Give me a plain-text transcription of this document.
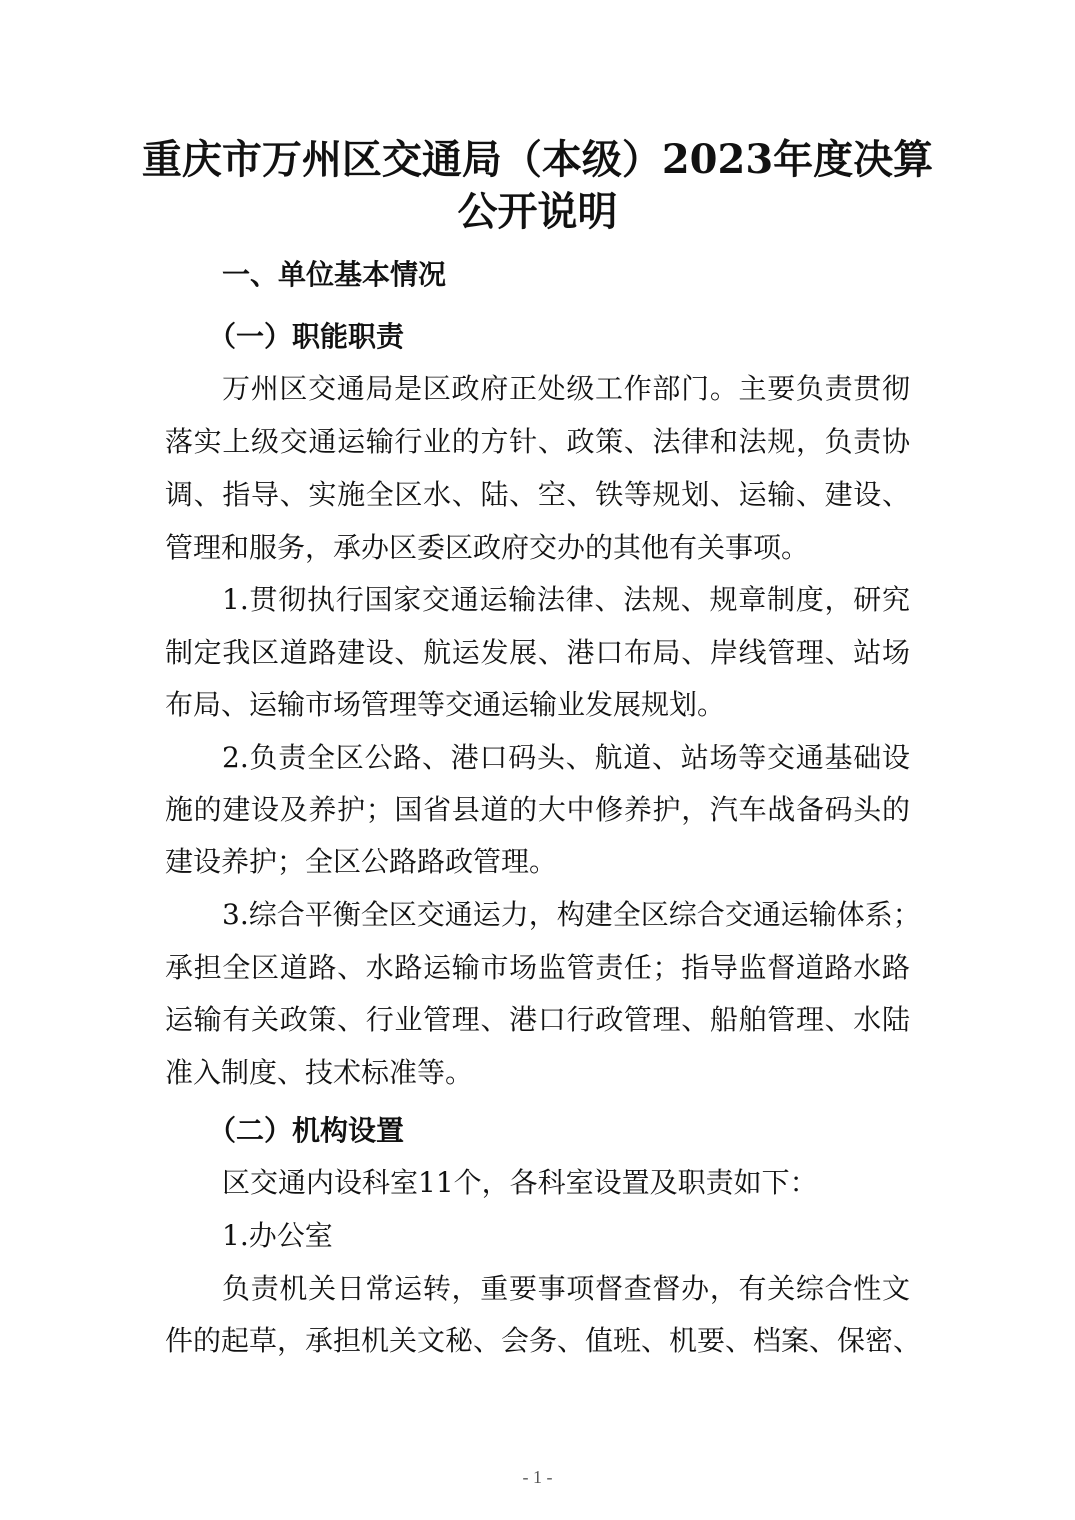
重庆市万州区交通局（本级）2023年度决算
公开说明
一、单位基本情况
（一）职能职责

万州区交通局是区政府正处级工作部门。主要负责贯彻

落实上级交通运输行业的方针、政策、法律和法规，负责协

调、指导、实施全区水、陆、空、铁等规划、运输、建设、

管理和服务，承办区委区政府交办的其他有关事项。

1.贯彻执行国家交通运输法律、法规、规章制度，研究

制定我区道路建设、航运发展、港口布局、岸线管理、站场

布局、运输市场管理等交通运输业发展规划。

2.负责全区公路、港口码头、航道、站场等交通基础设

施的建设及养护；国省县道的大中修养护，汽车战备码头的

建设养护；全区公路路政管理。

3.综合平衡全区交通运力，构建全区综合交通运输体系；

承担全区道路、水路运输市场监管责任；指导监督道路水路

运输有关政策、行业管理、港口行政管理、船舶管理、水陆

准入制度、技术标准等。

（二）机构设置

区交通内设科室11个，各科室设置及职责如下：

1.办公室

负责机关日常运转，重要事项督查督办，有关综合性文

件的起草，承担机关文秘、会务、值班、机要、档案、保密、

- 1 -
